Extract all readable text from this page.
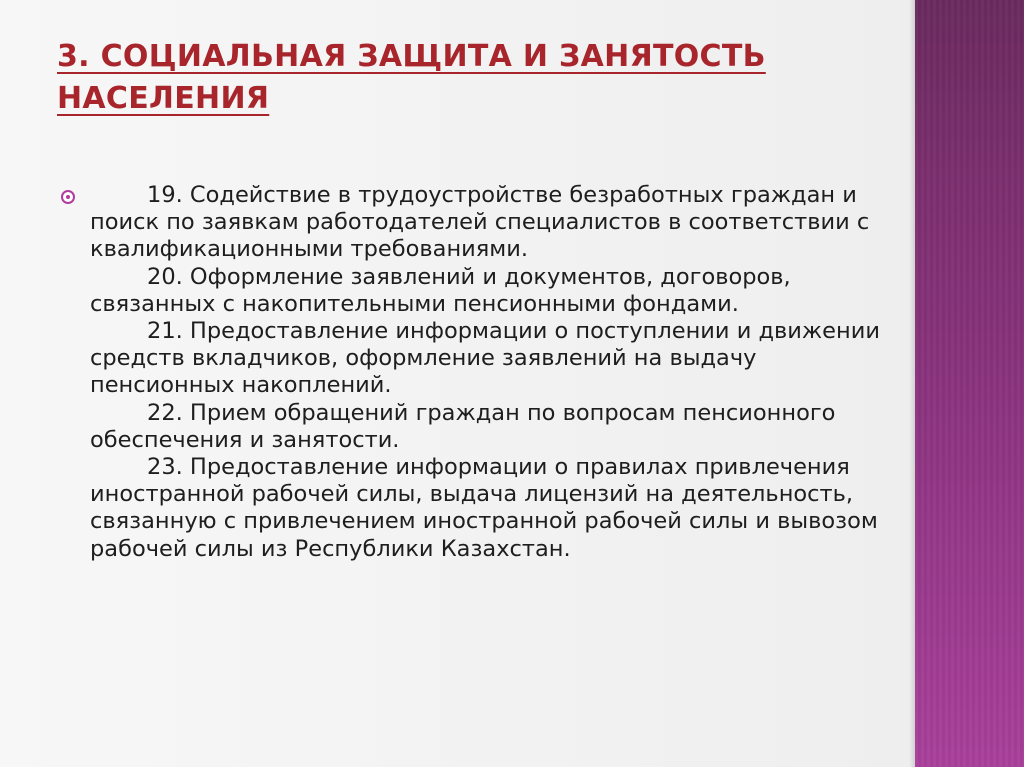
3. СОЦИАЛЬНАЯ ЗАЩИТА И ЗАНЯТОСТЬ
НАСЕЛЕНИЯ

19. Содействие в трудоустройстве безработных граждан и поиск по заявкам работодателей специалистов в соответствии с квалификационными требованиями.

20. Оформление заявлений и документов, договоров, связанных с накопительными пенсионными фондами.

21. Предоставление информации о поступлении и движении средств вкладчиков, оформление заявлений на выдачу пенсионных накоплений.

22. Прием обращений граждан по вопросам пенсионного обеспечения и занятости.

23. Предоставление информации о правилах привлечения иностранной рабочей силы, выдача лицензий на деятельность, связанную с привлечением иностранной рабочей силы и вывозом рабочей силы из Республики Казахстан.
